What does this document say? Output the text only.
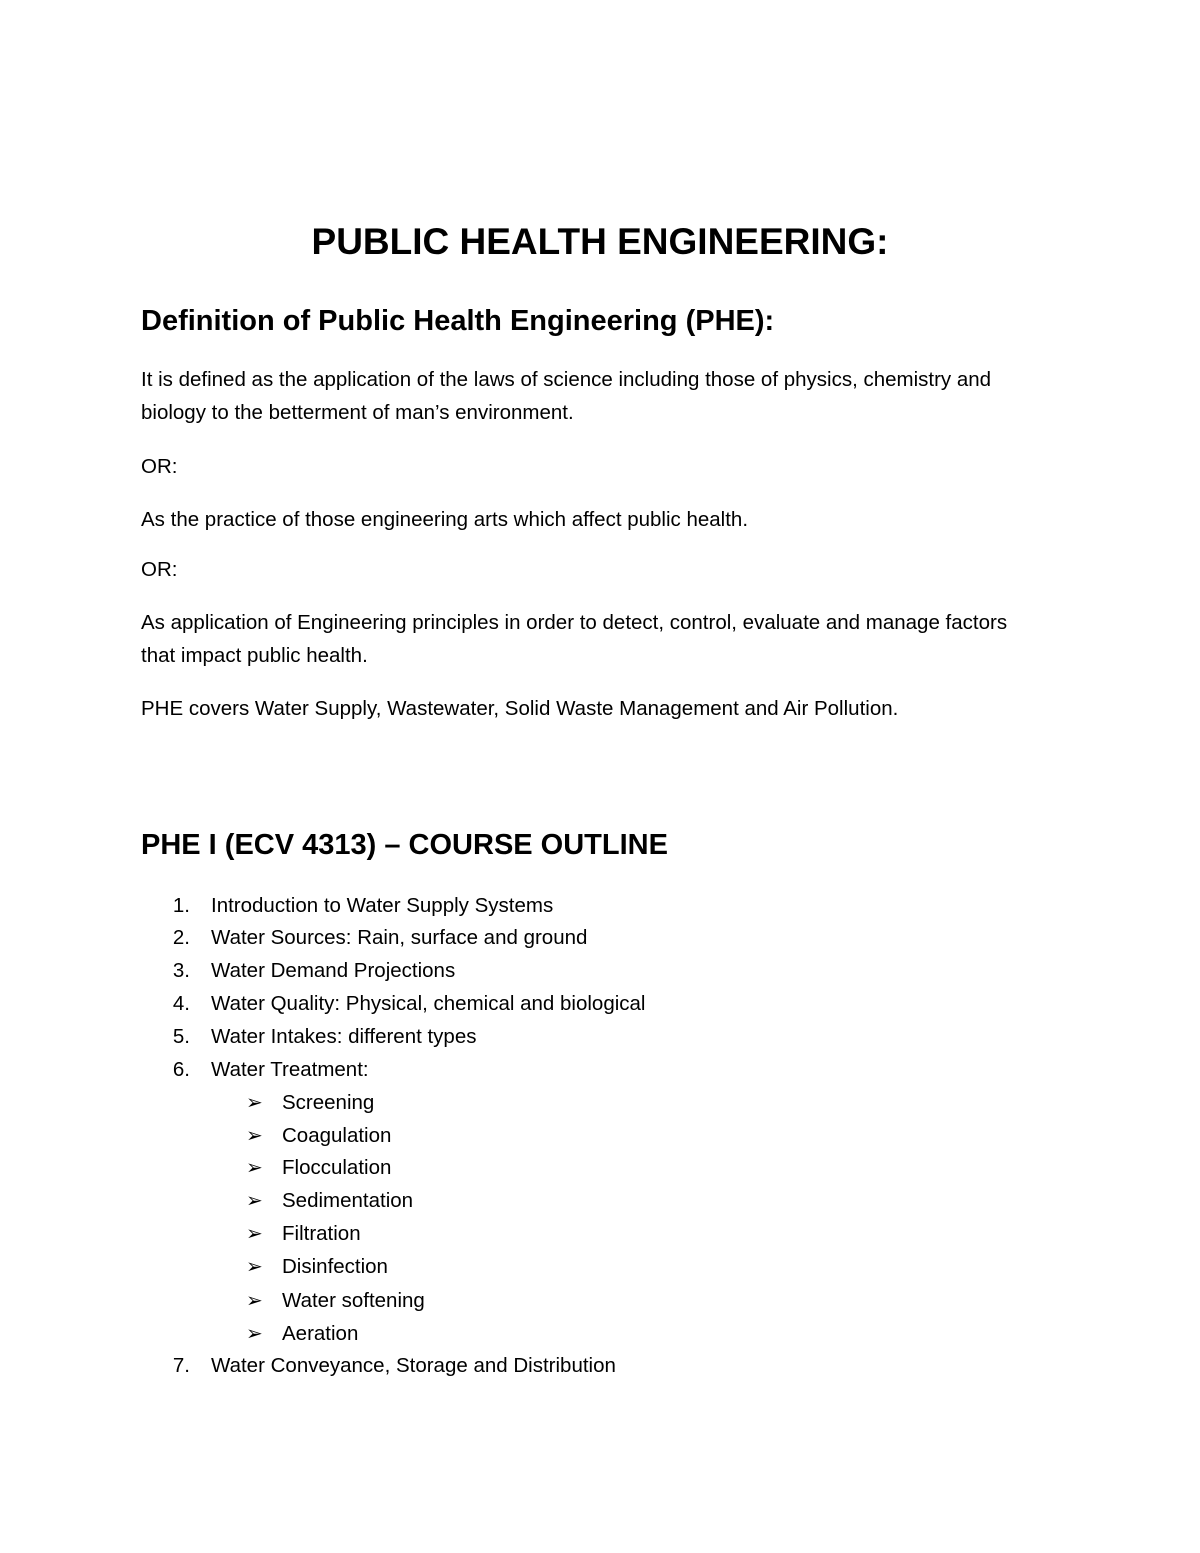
PUBLIC HEALTH ENGINEERING:
Definition of Public Health Engineering (PHE):
It is defined as the application of the laws of science including those of physics, chemistry and
biology to the betterment of man’s environment.
OR:
As the practice of those engineering arts which affect public health.
OR:
As application of Engineering principles in order to detect, control, evaluate and manage factors
that impact public health.
PHE covers Water Supply, Wastewater, Solid Waste Management and Air Pollution.
PHE I (ECV 4313) – COURSE OUTLINE
1. Introduction to Water Supply Systems
2. Water Sources: Rain, surface and ground
3. Water Demand Projections
4. Water Quality: Physical, chemical and biological
5. Water Intakes: different types
6. Water Treatment:
➢ Screening
➢ Coagulation
➢ Flocculation
➢ Sedimentation
➢ Filtration
➢ Disinfection
➢ Water softening
➢ Aeration
7. Water Conveyance, Storage and Distribution
